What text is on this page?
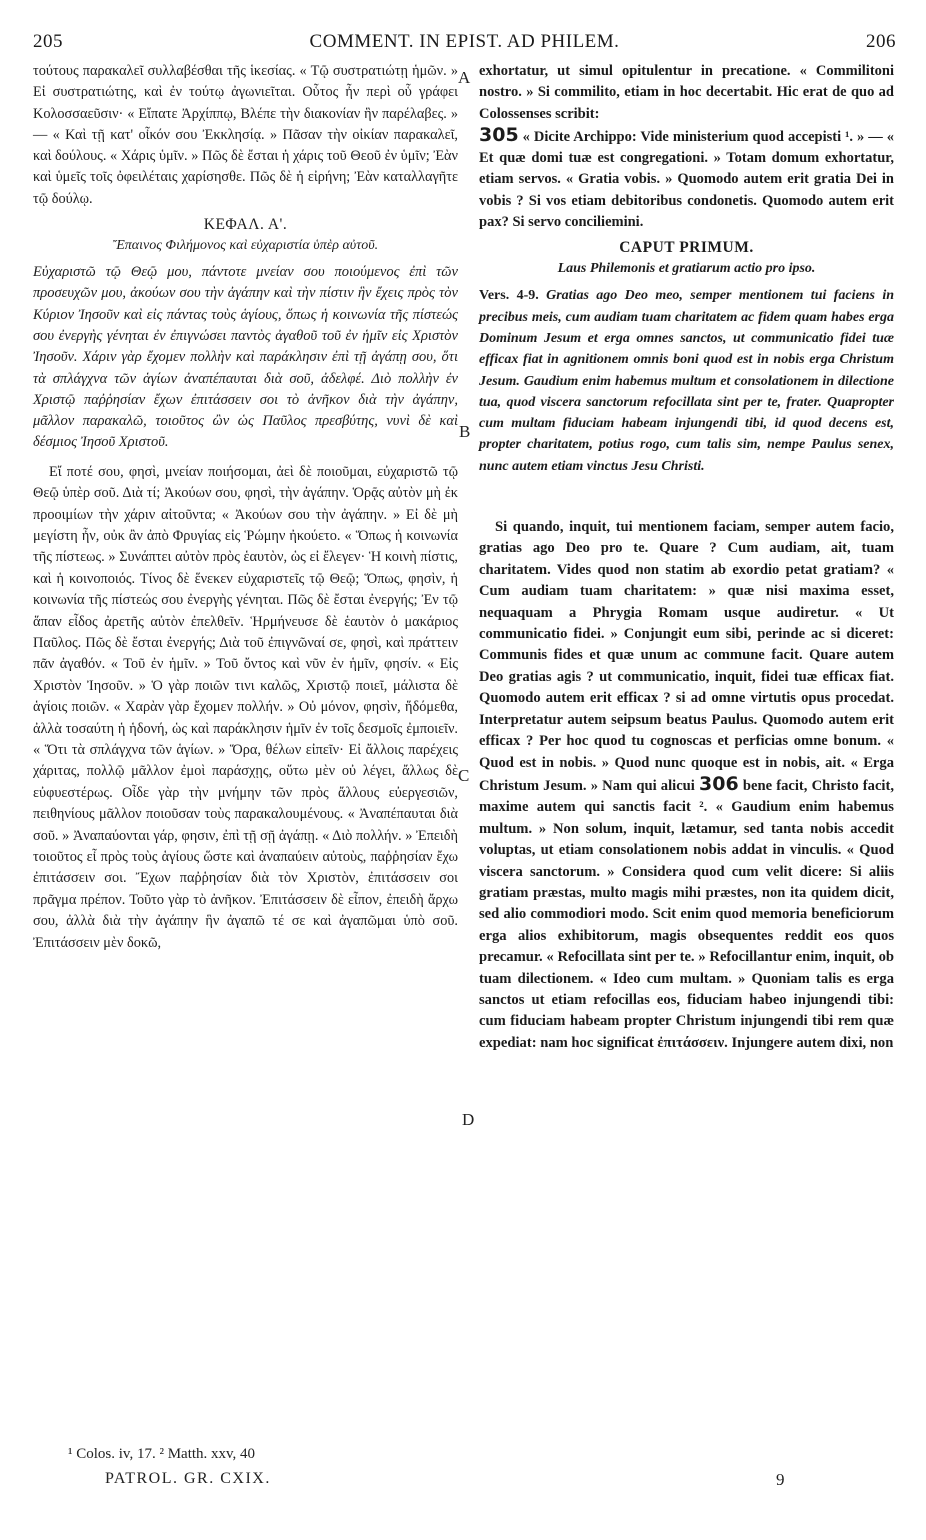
205	COMMENT. IN EPIST. AD PHILEM.	206
τούτους παρακαλεῖ συλλαβέσθαι τῆς ἱκεσίας. « Τῷ συστρατιώτῃ ἡμῶν. » Εἰ συστρατιώτης, καὶ ἐν τούτῳ ἀγωνιεῖται. Οὗτος ἦν περὶ οὗ γράφει Κολοσσαεῦσιν· « Εἴπατε Ἀρχίππῳ, Βλέπε τὴν διακονίαν ἣν παρέλαβες. » — « Καὶ τῇ κατ' οἶκόν σου Ἐκκλησίᾳ. » Πᾶσαν τὴν οἰκίαν παρακαλεῖ, καὶ δούλους. « Χάρις ὑμῖν. » Πῶς δὲ ἔσται ἡ χάρις τοῦ Θεοῦ ἐν ὑμῖν; Ἐὰν καὶ ὑμεῖς τοῖς ὀφειλέταις χαρίσησθε. Πῶς δὲ ἡ εἰρήνη; Ἐὰν καταλλαγῆτε τῷ δούλῳ.
ΚΕΦΑΛ. Α'.
Ἔπαινος Φιλήμονος καὶ εὐχαριστία ὑπὲρ αὐτοῦ.
Εὐχαριστῶ τῷ Θεῷ μου, πάντοτε μνείαν σου ποιούμενος ἐπὶ τῶν προσευχῶν μου, ἀκούων σου τὴν ἀγάπην καὶ τὴν πίστιν ἣν ἔχεις πρὸς τὸν Κύριον Ἰησοῦν καὶ εἰς πάντας τοὺς ἁγίους, ὅπως ἡ κοινωνία τῆς πίστεώς σου ἐνεργὴς γένηται ἐν ἐπιγνώσει παντὸς ἀγαθοῦ τοῦ ἐν ἡμῖν εἰς Χριστὸν Ἰησοῦν. Χάριν γὰρ ἔχομεν πολλὴν καὶ παράκλησιν ἐπὶ τῇ ἀγάπῃ σου, ὅτι τὰ σπλάγχνα τῶν ἁγίων ἀναπέπαυται διὰ σοῦ, ἀδελφέ. Διὸ πολλὴν ἐν Χριστῷ παῤῥησίαν ἔχων ἐπιτάσσειν σοι τὸ ἀνῆκον διὰ τὴν ἀγάπην, μᾶλλον παρακαλῶ, τοιοῦτος ὢν ὡς Παῦλος πρεσβύτης, νυνὶ δὲ καὶ δέσμιος Ἰησοῦ Χριστοῦ.
Εἴ ποτέ σου, φησὶ, μνείαν ποιήσομαι, ἀεὶ δὲ ποιοῦμαι, εὐχαριστῶ τῷ Θεῷ ὑπὲρ σοῦ. Διὰ τί; Ἀκούων σου, φησὶ, τὴν ἀγάπην. Ὁρᾷς αὐτὸν μὴ ἐκ προοιμίων τὴν χάριν αἰτοῦντα; « Ἀκούων σου τὴν ἀγάπην. » Εἰ δὲ μὴ μεγίστη ἦν, οὐκ ἂν ἀπὸ Φρυγίας εἰς Ῥώμην ἠκούετο. « Ὅπως ἡ κοινωνία τῆς πίστεως. » Συνάπτει αὐτὸν πρὸς ἑαυτὸν, ὡς εἰ ἔλεγεν· Ἡ κοινὴ πίστις, καὶ ἡ κοινοποιός. Τίνος δὲ ἕνεκεν εὐχαριστεῖς τῷ Θεῷ; Ὅπως, φησὶν, ἡ κοινωνία τῆς πίστεώς σου ἐνεργὴς γένηται. Πῶς δὲ ἔσται ἐνεργής; Ἐν τῷ ἅπαν εἶδος ἀρετῆς αὐτὸν ἐπελθεῖν. Ἡρμήνευσε δὲ ἑαυτὸν ὁ μακάριος Παῦλος. Πῶς δὲ ἔσται ἐνεργής; Διὰ τοῦ ἐπιγνῶναί σε, φησὶ, καὶ πράττειν πᾶν ἀγαθόν. « Τοῦ ἐν ἡμῖν. » Τοῦ ὄντος καὶ νῦν ἐν ἡμῖν, φησίν. « Εἰς Χριστὸν Ἰησοῦν. » Ὁ γὰρ ποιῶν τινι καλῶς, Χριστῷ ποιεῖ, μάλιστα δὲ ἁγίοις ποιῶν. « Χαρὰν γὰρ ἔχομεν πολλήν. » Οὐ μόνον, φησὶν, ἥδόμεθα, ἀλλὰ τοσαύτη ἡ ἡδονή, ὡς καὶ παράκλησιν ἡμῖν ἐν τοῖς δεσμοῖς ἐμποιεῖν. « Ὅτι τὰ σπλάγχνα τῶν ἁγίων. » Ὅρα, θέλων εἰπεῖν· Εἰ ἄλλοις παρέχεις χάριτας, πολλῷ μᾶλλον ἐμοὶ παράσχῃς, οὕτω μὲν οὐ λέγει, ἄλλως δὲ εὐφυεστέρως. Οἶδε γὰρ τὴν μνήμην τῶν πρὸς ἄλλους εὐεργεσιῶν, πειθηνίους μᾶλλον ποιοῦσαν τοὺς παρακαλουμένους. « Ἀναπέπαυται διὰ σοῦ. » Ἀναπαύονται γάρ, φησιν, ἐπὶ τῇ σῇ ἀγάπῃ. « Διὸ πολλήν. » Ἐπειδὴ τοιοῦτος εἶ πρὸς τοὺς ἁγίους ὥστε καὶ ἀναπαύειν αὐτοὺς, παῤῥησίαν ἔχω ἐπιτάσσειν σοι. Ἔχων παῤῥησίαν διὰ τὸν Χριστὸν, ἐπιτάσσειν σοι πρᾶγμα πρέπον. Τοῦτο γὰρ τὸ ἀνῆκον. Ἐπιτάσσειν δὲ εἶπον, ἐπειδὴ ἄρχω σου, ἀλλὰ διὰ τὴν ἀγάπην ἣν ἀγαπῶ τέ σε καὶ ἀγαπῶμαι ὑπὸ σοῦ. Ἐπιτάσσειν μὲν δοκῶ,
exhortatur, ut simul opitulentur in precatione. « Commilitoni nostro. » Si commilito, etiam in hoc decertabit. Hic erat de quo ad Colossenses scribit:
305 « Dicite Archippo: Vide ministerium quod accepisti ¹. » — « Et quæ domi tuæ est congregationi. » Totam domum exhortatur, etiam servos. « Gratia vobis. » Quomodo autem erit gratia Dei in vobis ? Si vos etiam debitoribus condonetis. Quomodo autem erit pax? Si servo conciliemini.
CAPUT PRIMUM.
Laus Philemonis et gratiarum actio pro ipso.
Vers. 4-9. Gratias ago Deo meo, semper mentionem tui faciens in precibus meis, cum audiam tuam charitatem ac fidem quam habes erga Dominum Jesum et erga omnes sanctos, ut communicatio fidei tuæ efficax fiat in agnitionem omnis boni quod est in nobis erga Christum Jesum. Gaudium enim habemus multum et consolationem in dilectione tua, quod viscera sanctorum refocillata sint per te, frater. Quapropter cum multam fiduciam habeam injungendi tibi, id quod decens est, propter charitatem, potius rogo, cum talis sim, nempe Paulus senex, nunc autem etiam vinctus Jesu Christi.
Si quando, inquit, tui mentionem faciam, semper autem facio, gratias ago Deo pro te. Quare ? Cum audiam, ait, tuam charitatem. Vides quod non statim ab exordio petat gratiam? « Cum audiam tuam charitatem: » quæ nisi maxima esset, nequaquam a Phrygia Romam usque audiretur. « Ut communicatio fidei. » Conjungit eum sibi, perinde ac si diceret: Communis fides et quæ unum ac commune facit. Quare autem Deo gratias agis ? ut communicatio, inquit, fidei tuæ efficax fiat. Quomodo autem erit efficax ? si ad omne virtutis opus procedat. Interpretatur autem seipsum beatus Paulus. Quomodo autem erit efficax ? Per hoc quod tu cognoscas et perficias omne bonum. « Quod est in nobis. » Quod nunc quoque est in nobis, ait. « Erga Christum Jesum. » Nam qui alicui 306 bene facit, Christo facit, maxime autem qui sanctis facit ². « Gaudium enim habemus multum. » Non solum, inquit, lætamur, sed tanta nobis accedit voluptas, ut etiam consolationem nobis addat in vinculis. « Quod viscera sanctorum. » Considera quod cum velit dicere: Si aliis gratiam præstas, multo magis mihi præstes, non ita quidem dicit, sed alio commodiori modo. Scit enim quod memoria beneficiorum erga alios exhibitorum, magis obsequentes reddit eos quos precamur. « Refocillata sint per te. » Refocillantur enim, inquit, ob tuam dilectionem. « Ideo cum multam. » Quoniam talis es erga sanctos ut etiam refocillas eos, fiduciam habeo injungendi tibi: cum fiduciam habeam propter Christum injungendi tibi rem quæ expediat: nam hoc significat ἐπιτάσσειν. Injungere autem dixi, non
A
B
C
D
¹ Colos. iv, 17. ² Matth. xxv, 40
PATROL. GR. CXIX.	9
